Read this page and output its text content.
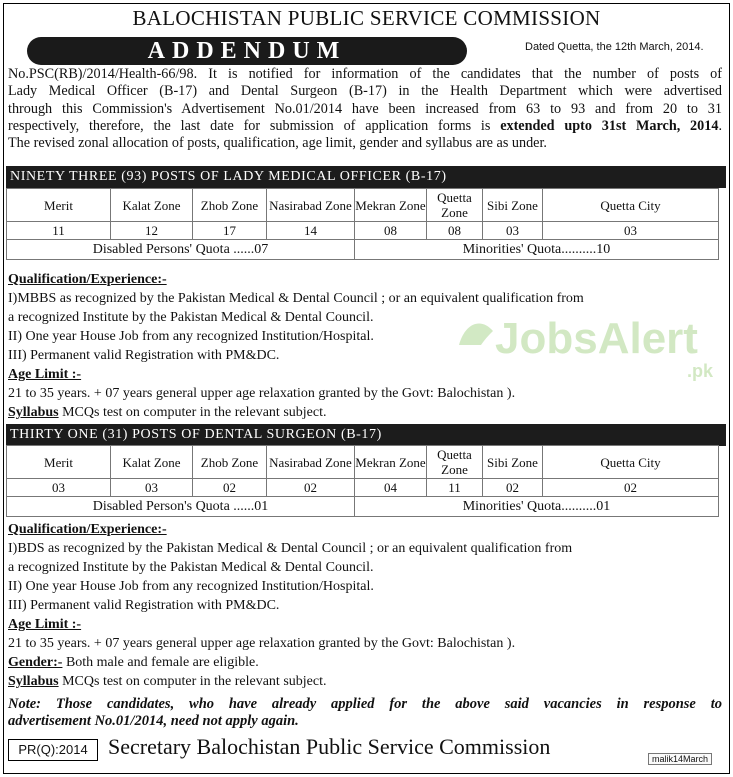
BALOCHISTAN PUBLIC SERVICE COMMISSION
ADDENDUM	Dated Quetta, the 12th March, 2014.
No.PSC(RB)/2014/Health-66/98. It is notified for information of the candidates that the number of posts of
Lady Medical Officer (B-17) and Dental Surgeon (B-17) in the Health Department which were advertised
through this Commission's Advertisement No.01/2014 have been increased from 63 to 93 and from 20 to 31
respectively, therefore, the last date for submission of application forms is extended upto 31st March, 2014.
The revised zonal allocation of posts, qualification, age limit, gender and syllabus are as under.
NINETY THREE (93) POSTS OF LADY MEDICAL OFFICER (B-17)
Merit	Kalat Zone	Zhob Zone	Nasirabad Zone	Mekran Zone	Quetta Zone	Sibi Zone	Quetta City
11	12	17	14	08	08	03	03
Disabled Persons' Quota ......07				Minorities' Quota..........10			
Qualification/Experience:-
I)MBBS as recognized by the Pakistan Medical & Dental Council ; or an equivalent qualification from
a recognized Institute by the Pakistan Medical & Dental Council.
II) One year House Job from any recognized Institution/Hospital.
III) Permanent valid Registration with PM&DC.
Age Limit :-
21 to 35 years. + 07 years general upper age relaxation granted by the Govt: Balochistan ).
Syllabus MCQs test on computer in the relevant subject.
THIRTY ONE (31) POSTS OF DENTAL SURGEON (B-17)
Merit	Kalat Zone	Zhob Zone	Nasirabad Zone	Mekran Zone	Quetta Zone	Sibi Zone	Quetta City
03	03	02	02	04	11	02	02
Disabled Person's Quota ......01				Minorities' Quota..........01			
Qualification/Experience:-
I)BDS as recognized by the Pakistan Medical & Dental Council ; or an equivalent qualification from
a recognized Institute by the Pakistan Medical & Dental Council.
II) One year House Job from any recognized Institution/Hospital.
III) Permanent valid Registration with PM&DC.
Age Limit :-
21 to 35 years. + 07 years general upper age relaxation granted by the Govt: Balochistan ).
Gender:- Both male and female are eligible.
Syllabus MCQs test on computer in the relevant subject.
Note: Those candidates, who have already applied for the above said vacancies in response to
advertisement No.01/2014, need not apply again.
PR(Q):2014 Secretary Balochistan Public Service Commission	malik14March
JobsAlert
.pk
